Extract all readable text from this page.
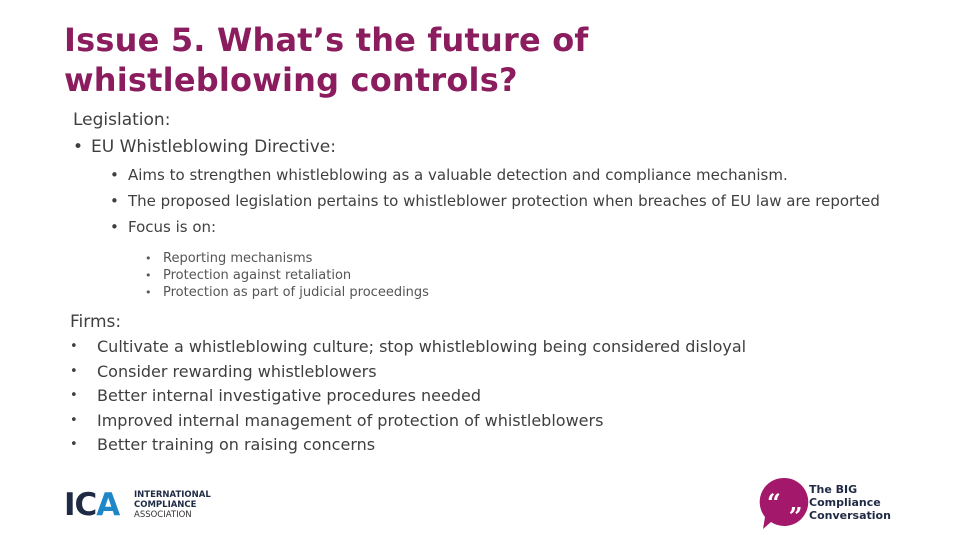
Issue 5. What’s the future of
whistleblowing controls?
Legislation:
• EU Whistleblowing Directive:
• Aims to strengthen whistleblowing as a valuable detection and compliance mechanism.
• The proposed legislation pertains to whistleblower protection when breaches of EU law are reported
• Focus is on:
• Reporting mechanisms
• Protection against retaliation
• Protection as part of judicial proceedings
Firms:
• Cultivate a whistleblowing culture; stop whistleblowing being considered disloyal
• Consider rewarding whistleblowers
• Better internal investigative procedures needed
• Improved internal management of protection of whistleblowers
• Better training on raising concerns
ICA INTERNATIONAL
COMPLIANCE
ASSOCIATION	“ „ The BIG
Compliance
Conversation
